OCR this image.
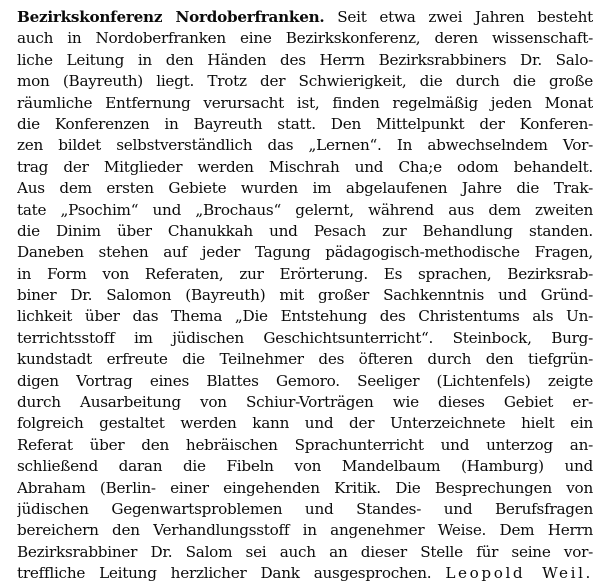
Bezirkskonferenz Nordoberfranken. Seit etwa zwei Jahren besteht
auch in Nordoberfranken eine Bezirkskonferenz, deren wissenschaft-
liche Leitung in den Händen des Herrn Bezirksrabbiners Dr. Salo-
mon (Bayreuth) liegt. Trotz der Schwierigkeit, die durch die große
räumliche Entfernung verursacht ist, finden regelmäßig jeden Monat
die Konferenzen in Bayreuth statt. Den Mittelpunkt der Konferen-
zen bildet selbstverständlich das „Lernen“. In abwechselndem Vor-
trag der Mitglieder werden Mischrah und Cha;e odom behandelt.
Aus dem ersten Gebiete wurden im abgelaufenen Jahre die Trak-
tate „Psochim“ und „Brochaus“ gelernt, während aus dem zweiten
die Dinim über Chanukkah und Pesach zur Behandlung standen.
Daneben stehen auf jeder Tagung pädagogisch-methodische Fragen,
in Form von Referaten, zur Erörterung. Es sprachen, Bezirksrab-
biner Dr. Salomon (Bayreuth) mit großer Sachkenntnis und Gründ-
lichkeit über das Thema „Die Entstehung des Christentums als Un-
terrichtsstoff im jüdischen Geschichtsunterricht“. Steinbock, Burg-
kundstadt erfreute die Teilnehmer des öfteren durch den tiefgrün-
digen Vortrag eines Blattes Gemoro. Seeliger (Lichtenfels) zeigte
durch Ausarbeitung von Schiur-Vorträgen wie dieses Gebiet er-
folgreich gestaltet werden kann und der Unterzeichnete hielt ein
Referat über den hebräischen Sprachunterricht und unterzog an-
schließend daran die Fibeln von Mandelbaum (Hamburg) und
Abraham (Berlin- einer eingehenden Kritik. Die Besprechungen von
jüdischen Gegenwartsproblemen und Standes- und Berufsfragen
bereichern den Verhandlungsstoff in angenehmer Weise. Dem Herrn
Bezirksrabbiner Dr. Salom sei auch an dieser Stelle für seine vor-
treffliche Leitung herzlicher Dank ausgesprochen. Leopold Weil.
